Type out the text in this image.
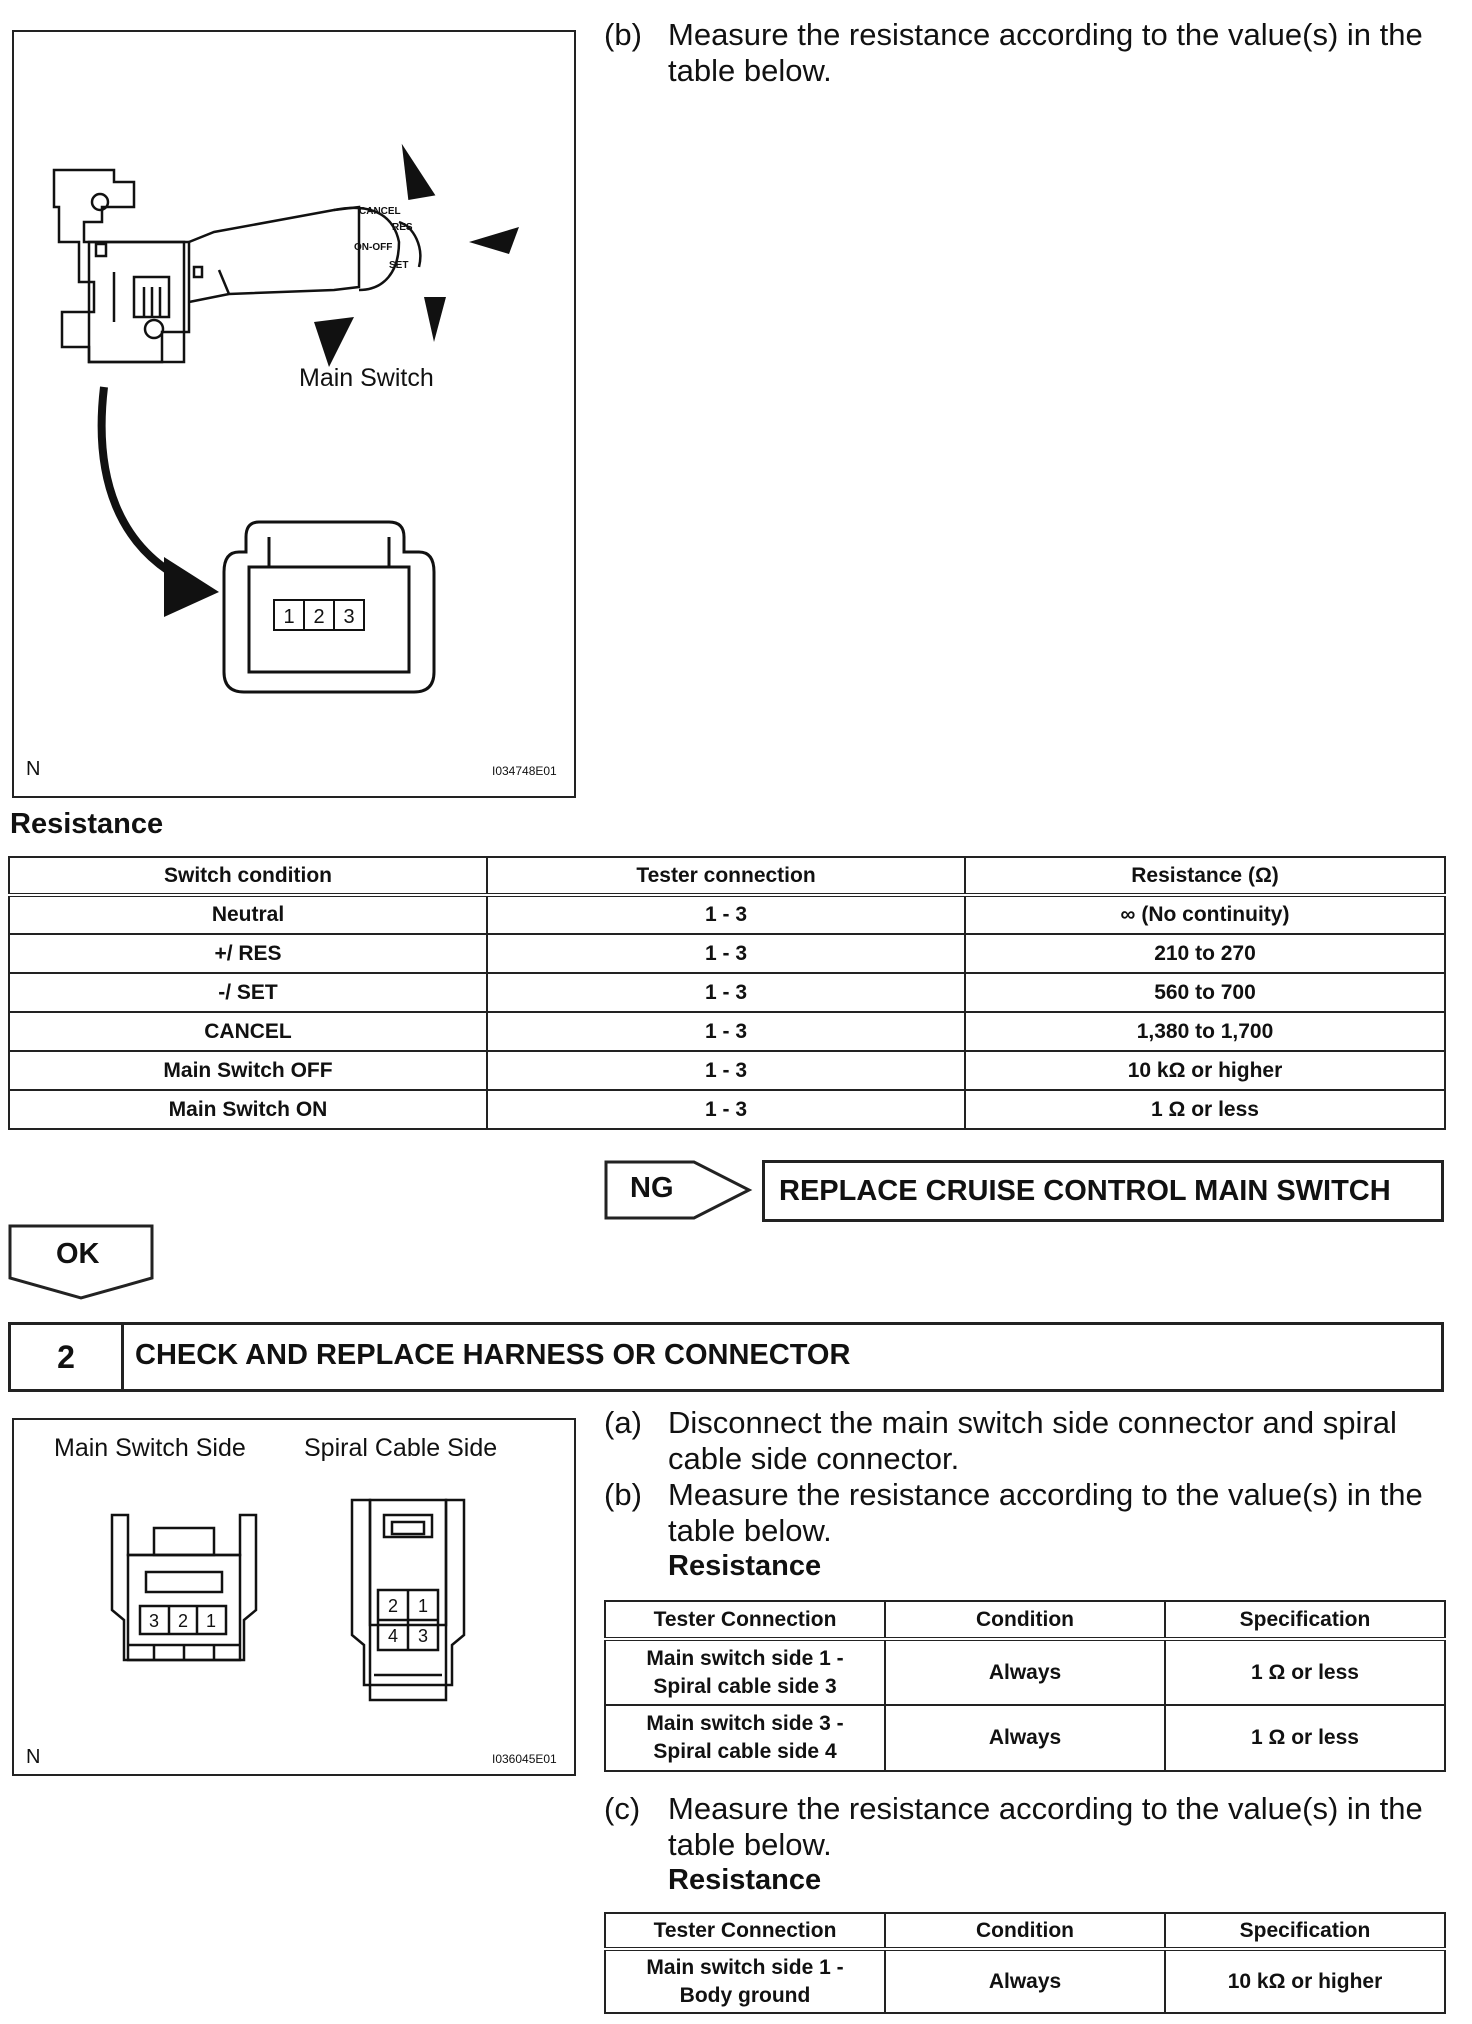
CANCEL
RES
ON-OFF
SET
1 2 3
Main Switch
N	I034748E01
(b) Measure the resistance according to the value(s) in the
table below.
Resistance
Switch condition	Tester connection	Resistance (Ω)
Neutral	1 - 3	∞ (No continuity)
+/ RES	1 - 3	210 to 270
-/ SET	1 - 3	560 to 700
CANCEL	1 - 3	1,380 to 1,700
Main Switch OFF	1 - 3	10 kΩ or higher
Main Switch ON	1 - 3	1 Ω or less
NG	REPLACE CRUISE CONTROL MAIN SWITCH
OK
2	CHECK AND REPLACE HARNESS OR CONNECTOR
3 2 1
2 1
4 3
Main Switch Side Spiral Cable Side
N	I036045E01
(a) Disconnect the main switch side connector and spiral
cable side connector.
(b) Measure the resistance according to the value(s) in the
table below.
Resistance
Tester Connection	Condition	Specification
Main switch side 1 -
Spiral cable side 3	Always	1 Ω or less
Main switch side 3 -
Spiral cable side 4	Always	1 Ω or less
(c) Measure the resistance according to the value(s) in the
table below.
Resistance
Tester Connection	Condition	Specification
Main switch side 1 -
Body ground	Always	10 kΩ or higher
